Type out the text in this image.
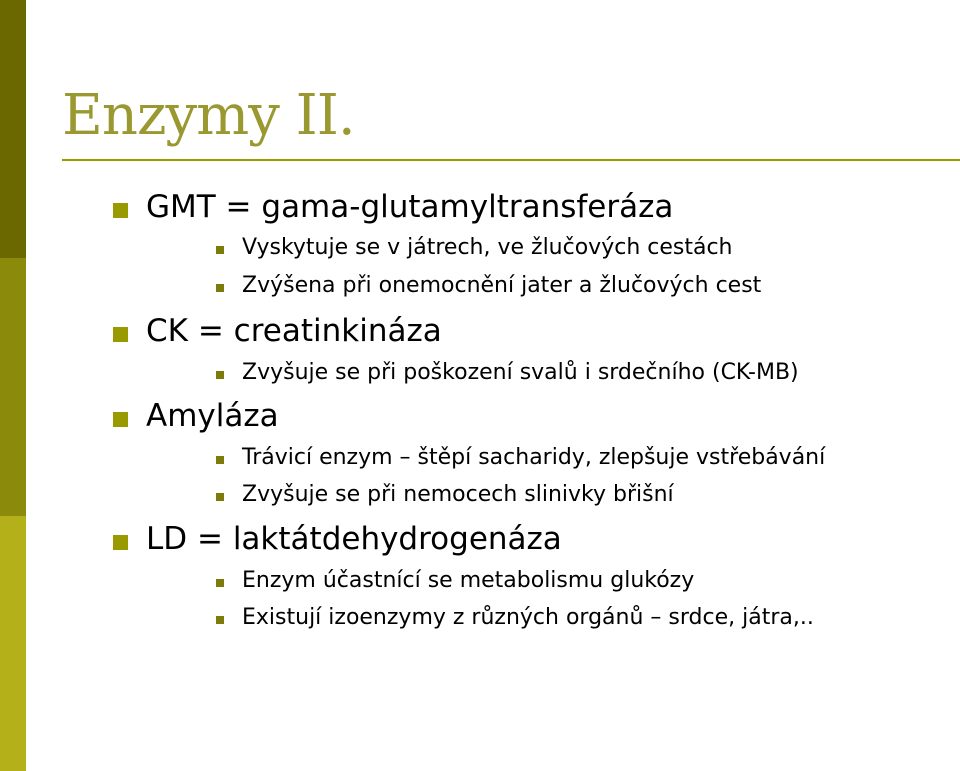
Enzymy II.
GMT = gama-glutamyltransferáza
Vyskytuje se v játrech, ve žlučových cestách
Zvýšena při onemocnění jater a žlučových cest
CK = creatinkináza
Zvyšuje se při poškození svalů i srdečního (CK-MB)
Amyláza
Trávicí enzym – štěpí sacharidy, zlepšuje vstřebávání
Zvyšuje se při nemocech slinivky břišní
LD = laktátdehydrogenáza
Enzym účastnící se metabolismu glukózy
Existují izoenzymy z různých orgánů – srdce, játra,..
